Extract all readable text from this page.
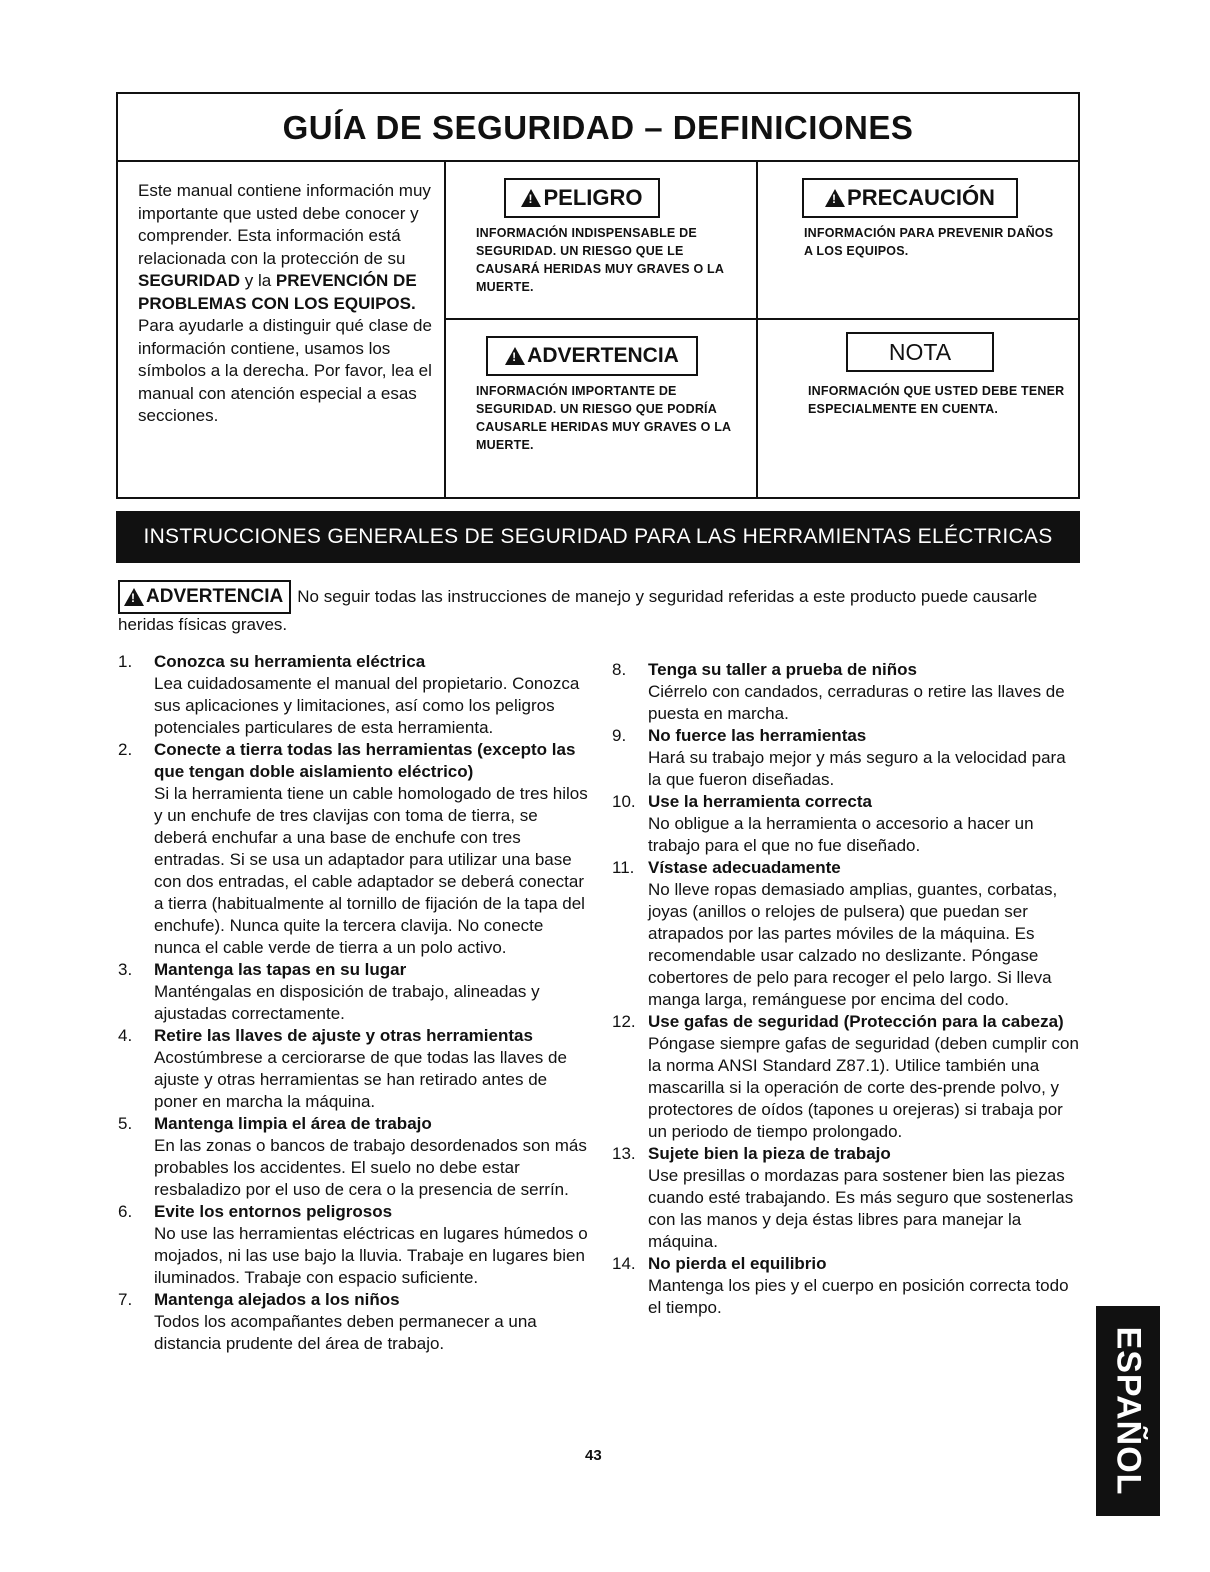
GUÍA DE SEGURIDAD – DEFINICIONES
Este manual contiene información muy importante que usted debe conocer y comprender. Esta información está relacionada con la protección de su SEGURIDAD y la PREVENCIÓN DE PROBLEMAS CON LOS EQUIPOS. Para ayudarle a distinguir qué clase de información contiene, usamos los símbolos a la derecha. Por favor, lea el manual con atención especial a esas secciones.
!
PELIGRO
INFORMACIÓN INDISPENSABLE DE SEGURIDAD. UN RIESGO QUE LE CAUSARÁ HERIDAS MUY GRAVES O LA MUERTE.
!
PRECAUCIÓN
INFORMACIÓN PARA PREVENIR DAÑOS A LOS EQUIPOS.
!
ADVERTENCIA
INFORMACIÓN IMPORTANTE DE SEGURIDAD. UN RIESGO QUE PODRÍA CAUSARLE HERIDAS MUY GRAVES O LA MUERTE.
NOTA
INFORMACIÓN QUE USTED DEBE TENER ESPECIALMENTE EN CUENTA.
INSTRUCCIONES GENERALES DE SEGURIDAD PARA LAS HERRAMIENTAS ELÉCTRICAS
!
ADVERTENCIA No seguir todas las instrucciones de manejo y seguridad referidas a este producto puede causarle heridas físicas graves.
1.	Conozca su herramienta eléctrica
Lea cuidadosamente el manual del propietario. Conozca sus aplicaciones y limitaciones, así como los peligros potenciales particulares de esta herramienta.
2.	Conecte a tierra todas las herramientas (excepto las que tengan doble aislamiento eléctrico)
Si la herramienta tiene un cable homologado de tres hilos y un enchufe de tres clavijas con toma de tierra, se deberá enchufar a una base de enchufe con tres entradas. Si se usa un adaptador para utilizar una base con dos entradas, el cable adaptador se deberá conectar a tierra (habitualmente al tornillo de fijación de la tapa del enchufe). Nunca quite la tercera clavija. No conecte nunca el cable verde de tierra a un polo activo.
3.	Mantenga las tapas en su lugar
Manténgalas en disposición de trabajo, alineadas y ajustadas correctamente.
4.	Retire las llaves de ajuste y otras herramientas
Acostúmbrese a cerciorarse de que todas las llaves de ajuste y otras herramientas se han retirado antes de poner en marcha la máquina.
5.	Mantenga limpia el área de trabajo
En las zonas o bancos de trabajo desordenados son más probables los accidentes. El suelo no debe estar resbaladizo por el uso de cera o la presencia de serrín.
6.	Evite los entornos peligrosos
No use las herramientas eléctricas en lugares húmedos o mojados, ni las use bajo la lluvia. Trabaje en lugares bien iluminados. Trabaje con espacio suficiente.
7.	Mantenga alejados a los niños
Todos los acompañantes deben permanecer a una distancia prudente del área de trabajo.
8.	Tenga su taller a prueba de niños
Ciérrelo con candados, cerraduras o retire las llaves de puesta en marcha.
9.	No fuerce las herramientas
Hará su trabajo mejor y más seguro a la velocidad para la que fueron diseñadas.
10. Use la herramienta correcta
No obligue a la herramienta o accesorio a hacer un trabajo para el que no fue diseñado.
11. Vístase adecuadamente
No lleve ropas demasiado amplias, guantes, corbatas, joyas (anillos o relojes de pulsera) que puedan ser atrapados por las partes móviles de la máquina. Es recomendable usar calzado no deslizante. Póngase cobertores de pelo para recoger el pelo largo. Si lleva manga larga, remánguese por encima del codo.
12. Use gafas de seguridad (Protección para la cabeza) Póngase siempre gafas de seguridad (deben cumplir con la norma ANSI Standard Z87.1). Utilice también una mascarilla si la operación de corte des-prende polvo, y protectores de oídos (tapones u orejeras) si trabaja por un periodo de tiempo prolongado.
13. Sujete bien la pieza de trabajo
Use presillas o mordazas para sostener bien las piezas cuando esté trabajando. Es más seguro que sostenerlas con las manos y deja éstas libres para manejar la máquina.
14. No pierda el equilibrio
Mantenga los pies y el cuerpo en posición correcta todo el tiempo.
43	ESPAÑOL
